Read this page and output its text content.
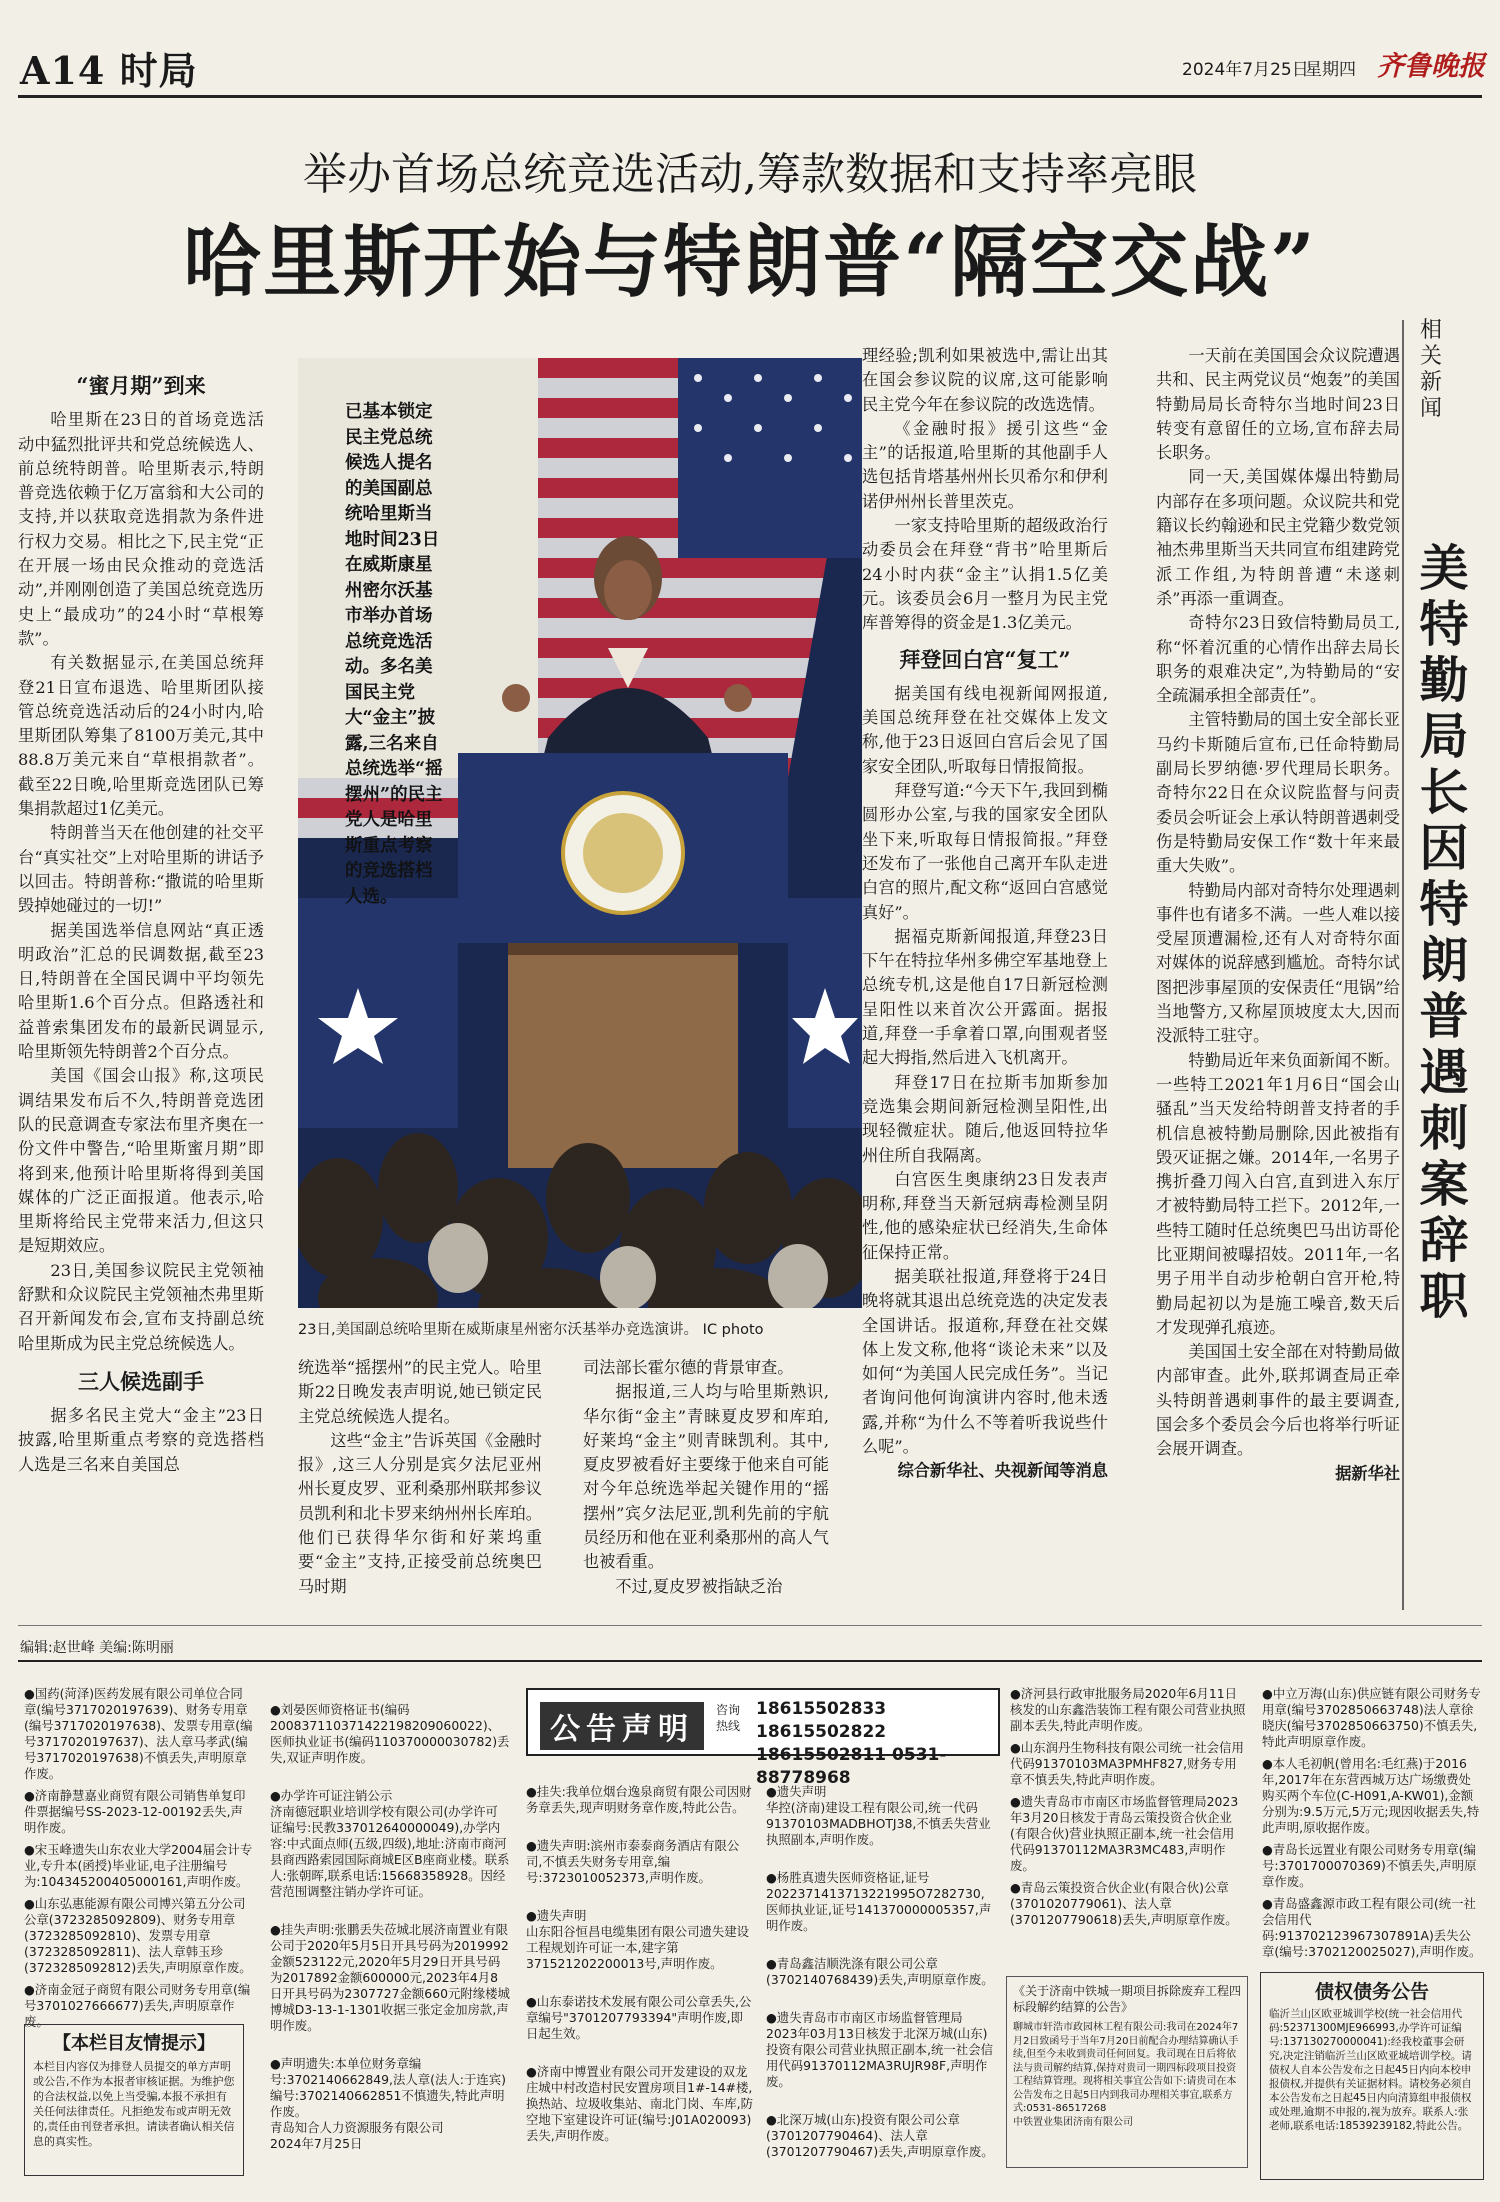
A14 时局	2024年7月25日
星期四 齐鲁晚报
举办首场总统竞选活动,筹款数据和支持率亮眼
哈里斯开始与特朗普“隔空交战”
“蜜月期”到来

哈里斯在23日的首场竞选活动中猛烈批评共和党总统候选人、前总统特朗普。哈里斯表示,特朗普竞选依赖于亿万富翁和大公司的支持,并以获取竞选捐款为条件进行权力交易。相比之下,民主党“正在开展一场由民众推动的竞选活动”,并刚刚创造了美国总统竞选历史上“最成功”的24小时“草根筹款”。

有关数据显示,在美国总统拜登21日宣布退选、哈里斯团队接管总统竞选活动后的24小时内,哈里斯团队筹集了8100万美元,其中88.8万美元来自“草根捐款者”。截至22日晚,哈里斯竞选团队已筹集捐款超过1亿美元。

特朗普当天在他创建的社交平台“真实社交”上对哈里斯的讲话予以回击。特朗普称:“撒谎的哈里斯毁掉她碰过的一切!”

据美国选举信息网站“真正透明政治”汇总的民调数据,截至23日,特朗普在全国民调中平均领先哈里斯1.6个百分点。但路透社和益普索集团发布的最新民调显示,哈里斯领先特朗普2个百分点。

美国《国会山报》称,这项民调结果发布后不久,特朗普竞选团队的民意调查专家法布里齐奥在一份文件中警告,“哈里斯蜜月期”即将到来,他预计哈里斯将得到美国媒体的广泛正面报道。他表示,哈里斯将给民主党带来活力,但这只是短期效应。

23日,美国参议院民主党领袖舒默和众议院民主党领袖杰弗里斯召开新闻发布会,宣布支持副总统哈里斯成为民主党总统候选人。

三人候选副手

据多名民主党大“金主”23日披露,哈里斯重点考察的竞选搭档人选是三名来自美国总

已基本锁定民主党总统候选人提名的美国副总统哈里斯当地时间23日在威斯康星州密尔沃基市举办首场总统竞选活动。多名美国民主党大“金主”披露,三名来自总统选举“摇摆州”的民主党人是哈里斯重点考察的竞选搭档人选。
23日,美国副总统哈里斯在威斯康星州密尔沃基举办竞选演讲。 IC photo

统选举“摇摆州”的民主党人。哈里斯22日晚发表声明说,她已锁定民主党总统候选人提名。

这些“金主”告诉英国《金融时报》,这三人分别是宾夕法尼亚州州长夏皮罗、亚利桑那州联邦参议员凯利和北卡罗来纳州州长库珀。他们已获得华尔街和好莱坞重要“金主”支持,正接受前总统奥巴马时期

司法部长霍尔德的背景审查。

据报道,三人均与哈里斯熟识,华尔街“金主”青睐夏皮罗和库珀,好莱坞“金主”则青睐凯利。其中,夏皮罗被看好主要缘于他来自可能对今年总统选举起关键作用的“摇摆州”宾夕法尼亚,凯利先前的宇航员经历和他在亚利桑那州的高人气也被看重。

不过,夏皮罗被指缺乏治

理经验;凯利如果被选中,需让出其在国会参议院的议席,这可能影响民主党今年在参议院的改选选情。

《金融时报》援引这些“金主”的话报道,哈里斯的其他副手人选包括肯塔基州州长贝希尔和伊利诺伊州州长普里茨克。

一家支持哈里斯的超级政治行动委员会在拜登“背书”哈里斯后24小时内获“金主”认捐1.5亿美元。该委员会6月一整月为民主党库普筹得的资金是1.3亿美元。

拜登回白宫“复工”

据美国有线电视新闻网报道,美国总统拜登在社交媒体上发文称,他于23日返回白宫后会见了国家安全团队,听取每日情报简报。

拜登写道:“今天下午,我回到椭圆形办公室,与我的国家安全团队坐下来,听取每日情报简报。”拜登还发布了一张他自己离开车队走进白宫的照片,配文称“返回白宫感觉真好”。

据福克斯新闻报道,拜登23日下午在特拉华州多佛空军基地登上总统专机,这是他自17日新冠检测呈阳性以来首次公开露面。据报道,拜登一手拿着口罩,向围观者竖起大拇指,然后进入飞机离开。

拜登17日在拉斯韦加斯参加竞选集会期间新冠检测呈阳性,出现轻微症状。随后,他返回特拉华州住所自我隔离。

白宫医生奥康纳23日发表声明称,拜登当天新冠病毒检测呈阴性,他的感染症状已经消失,生命体征保持正常。

据美联社报道,拜登将于24日晚将就其退出总统竞选的决定发表全国讲话。报道称,拜登在社交媒体上发文称,他将“谈论未来”以及如何“为美国人民完成任务”。当记者询问他何询演讲内容时,他未透露,并称“为什么不等着听我说些什么呢”。

综合新华社、央视新闻等消息

一天前在美国国会众议院遭遇共和、民主两党议员“炮轰”的美国特勤局局长奇特尔当地时间23日转变有意留任的立场,宣布辞去局长职务。

同一天,美国媒体爆出特勤局内部存在多项问题。众议院共和党籍议长约翰逊和民主党籍少数党领袖杰弗里斯当天共同宣布组建跨党派工作组,为特朗普遭“未遂刺杀”再添一重调查。

奇特尔23日致信特勤局员工,称“怀着沉重的心情作出辞去局长职务的艰难决定”,为特勤局的“安全疏漏承担全部责任”。

主管特勤局的国土安全部长亚马约卡斯随后宣布,已任命特勤局副局长罗纳德·罗代理局长职务。奇特尔22日在众议院监督与问责委员会听证会上承认特朗普遇刺受伤是特勤局安保工作“数十年来最重大失败”。

特勤局内部对奇特尔处理遇刺事件也有诸多不满。一些人难以接受屋顶遭漏检,还有人对奇特尔面对媒体的说辞感到尴尬。奇特尔试图把涉事屋顶的安保责任“甩锅”给当地警方,又称屋顶坡度太大,因而没派特工驻守。

特勤局近年来负面新闻不断。一些特工2021年1月6日“国会山骚乱”当天发给特朗普支持者的手机信息被特勤局删除,因此被指有毁灭证据之嫌。2014年,一名男子携折叠刀闯入白宫,直到进入东厅才被特勤局特工拦下。2012年,一些特工随时任总统奥巴马出访哥伦比亚期间被曝招妓。2011年,一名男子用半自动步枪朝白宫开枪,特勤局起初以为是施工噪音,数天后才发现弹孔痕迹。

美国国土安全部在对特勤局做内部审查。此外,联邦调查局正牵头特朗普遇刺事件的最主要调查,国会多个委员会今后也将举行听证会展开调查。

据新华社

相关新闻
美特勤局长因特朗普遇刺案辞职
编辑:赵世峰 美编:陈明丽

●国药(菏泽)医药发展有限公司单位合同章(编号3717020197639)、财务专用章(编号3717020197638)、发票专用章(编号3717020197637)、法人章马孝武(编号3717020197638)不慎丢失,声明原章作废。

●济南静慧嘉业商贸有限公司销售单复印件票据编号SS-2023-12-00192丢失,声明作废。

●宋玉峰遗失山东农业大学2004届会计专业,专升本(函授)毕业证,电子注册编号为:104345200405000161,声明作废。

●山东弘惠能源有限公司博兴第五分公司公章(3723285092809)、财务专用章(3723285092810)、发票专用章(3723285092811)、法人章韩玉珍(3723285092812)丢失,声明原章作废。

●济南金冠子商贸有限公司财务专用章(编号3701027666677)丢失,声明原章作废。

【本栏目友情提示】
本栏目内容仅为排登人员提交的单方声明或公告,不作为本报者审核证据。为维护您的合法权益,以免上当受骗,本报不承担有关任何法律责任。凡拒绝发布或声明无效的,责任由刊登者承担。请读者确认相关信息的真实性。

●刘晏医师资格证书(编码200837110371422198209060022)、医师执业证书(编码110370000030782)丢失,双证声明作废。

●办学许可证注销公示
济南德冠职业培训学校有限公司(办学许可证编号:民教337012640000049),办学内容:中式面点师(五级,四级),地址:济南市商河县商西路索园国际商城E区B座商业楼。联系人:张朝晖,联系电话:15668358928。因经营范围调整注销办学许可证。

●挂失声明:张鹏丢失莅城北展济南置业有限公司于2020年5月5日开具号码为2019992金额523122元,2020年5月29日开具号码为2017892金额600000元,2023年4月8日开具号码为2307727金额660元附缘楼城博城D3-13-1-1301收据三张定金加房款,声明作废。

●声明遗失:本单位财务章编号:3702140662849,法人章(法人:于连宾)编号:3702140662851不慎遗失,特此声明作废。
青岛知合人力资源服务有限公司
2024年7月25日

公告声明
咨询 热线
18615502833 18615502822
18615502811 0531-88778968

●挂失:我单位烟台逸泉商贸有限公司因财务章丢失,现声明财务章作废,特此公告。

●遗失声明:滨州市泰泰商务酒店有限公司,不慎丢失财务专用章,编号:3723010052373,声明作废。

●遗失声明
山东阳谷恒昌电缆集团有限公司遗失建设工程规划许可证一本,建字第371521202200013号,声明作废。

●山东泰诺技术发展有限公司公章丢失,公章编号"3701207793394"声明作废,即日起生效。

●济南中博置业有限公司开发建设的双龙庄城中村改造村民安置房项目1#-14#楼,换热站、垃圾收集站、南北门岗、车库,防空地下室建设许可证(编号:J01A020093)丢失,声明作废。

●遗失声明
华控(济南)建设工程有限公司,统一代码91370103MADBHOTJ38,不慎丢失营业执照副本,声明作废。

●杨胜真遗失医师资格证,证号2022371413713221995O7282730,医师执业证,证号141370000005357,声明作废。

●青岛鑫洁顺洗涤有限公司公章(3702140768439)丢失,声明原章作废。

●遗失青岛市市南区市场监督管理局2023年03月13日核发于北深万城(山东)投资有限公司营业执照正副本,统一社会信用代码91370112MA3RUJR98F,声明作废。

●北深万城(山东)投资有限公司公章(3701207790464)、法人章(3701207790467)丢失,声明原章作废。

●济河县行政审批服务局2020年6月11日核发的山东鑫浩装饰工程有限公司营业执照副本丢失,特此声明作废。

●山东润丹生物科技有限公司统一社会信用代码91370103MA3PMHF827,财务专用章不慎丢失,特此声明作废。

●遗失青岛市市南区市场监督管理局2023年3月20日核发于青岛云策投资合伙企业(有限合伙)营业执照正副本,统一社会信用代码91370112MA3R3MC483,声明作废。

●青岛云策投资合伙企业(有限合伙)公章(3701020779061)、法人章(3701207790618)丢失,声明原章作废。

《关于济南中铁城一期项目拆除废弃工程四标段解约结算的公告》
聊城市轩浩市政园林工程有限公司:我司在2024年7月2日致函号于当年7月20日前配合办理结算确认手续,但至今未收到贵司任何回复。我司现在日后将依法与贵司解约结算,保持对贵司一期四标段项目投资工程结算管理。现将相关事宜公告如下:请贵司在本公告发布之日起5日内到我司办理相关事宜,联系方式:0531-86517268
中铁置业集团济南有限公司

●中立万海(山东)供应链有限公司财务专用章(编号3702850663748)法人章徐晓庆(编号3702850663750)不慎丢失,特此声明原章作废。

●本人毛初帆(曾用名:毛红燕)于2016年,2017年在东营西城万达广场缴费处购买两个车位(C-H091,A-KW01),金额分别为:9.5万元,5万元;现因收据丢失,特此声明,原收据作废。

●青岛长远置业有限公司财务专用章(编号:3701700070369)不慎丢失,声明原章作废。

●青岛盛鑫源市政工程有限公司(统一社会信用代码:913702123967307891A)丢失公章(编号:3702120025027),声明作废。

债权债务公告
临沂兰山区欧亚城训学校(统一社会信用代码:52371300MJE966993,办学许可证编号:137130270000041):经我校董事会研究,决定注销临沂兰山区欧亚城培训学校。请债权人自本公告发布之日起45日内向本校申报债权,并提供有关证据材料。请校务必须自本公告发布之日起45日内向清算组申报债权或处理,逾期不申报的,视为放弃。联系人:张老师,联系电话:18539239182,特此公告。
